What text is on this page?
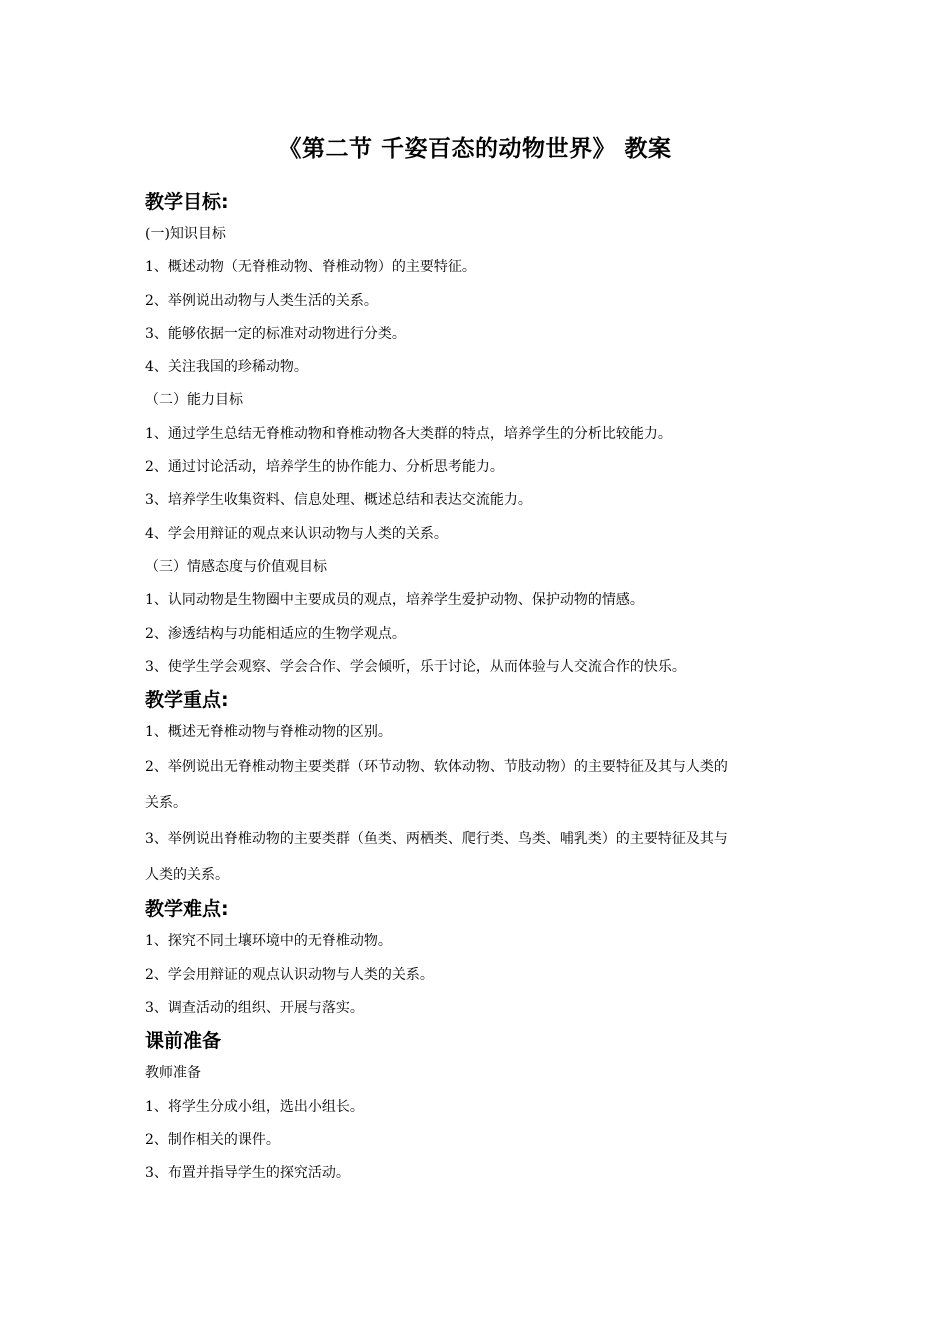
《第二节 千姿百态的动物世界》 教案
教学目标:
(一)知识目标
1、概述动物（无脊椎动物、脊椎动物）的主要特征。
2、举例说出动物与人类生活的关系。
3、能够依据一定的标准对动物进行分类。
4、关注我国的珍稀动物。
（二）能力目标
1、通过学生总结无脊椎动物和脊椎动物各大类群的特点，培养学生的分析比较能力。
2、通过讨论活动，培养学生的协作能力、分析思考能力。
3、培养学生收集资料、信息处理、概述总结和表达交流能力。
4、学会用辩证的观点来认识动物与人类的关系。
（三）情感态度与价值观目标
1、认同动物是生物圈中主要成员的观点，培养学生爱护动物、保护动物的情感。
2、渗透结构与功能相适应的生物学观点。
3、使学生学会观察、学会合作、学会倾听，乐于讨论，从而体验与人交流合作的快乐。
教学重点:
1、概述无脊椎动物与脊椎动物的区别。
2、举例说出无脊椎动物主要类群（环节动物、软体动物、节肢动物）的主要特征及其与人类的
关系。
3、举例说出脊椎动物的主要类群（鱼类、两栖类、爬行类、鸟类、哺乳类）的主要特征及其与
人类的关系。
教学难点:
1、探究不同土壤环境中的无脊椎动物。
2、学会用辩证的观点认识动物与人类的关系。
3、调查活动的组织、开展与落实。
课前准备
教师准备
1、将学生分成小组，选出小组长。
2、制作相关的课件。
3、布置并指导学生的探究活动。
